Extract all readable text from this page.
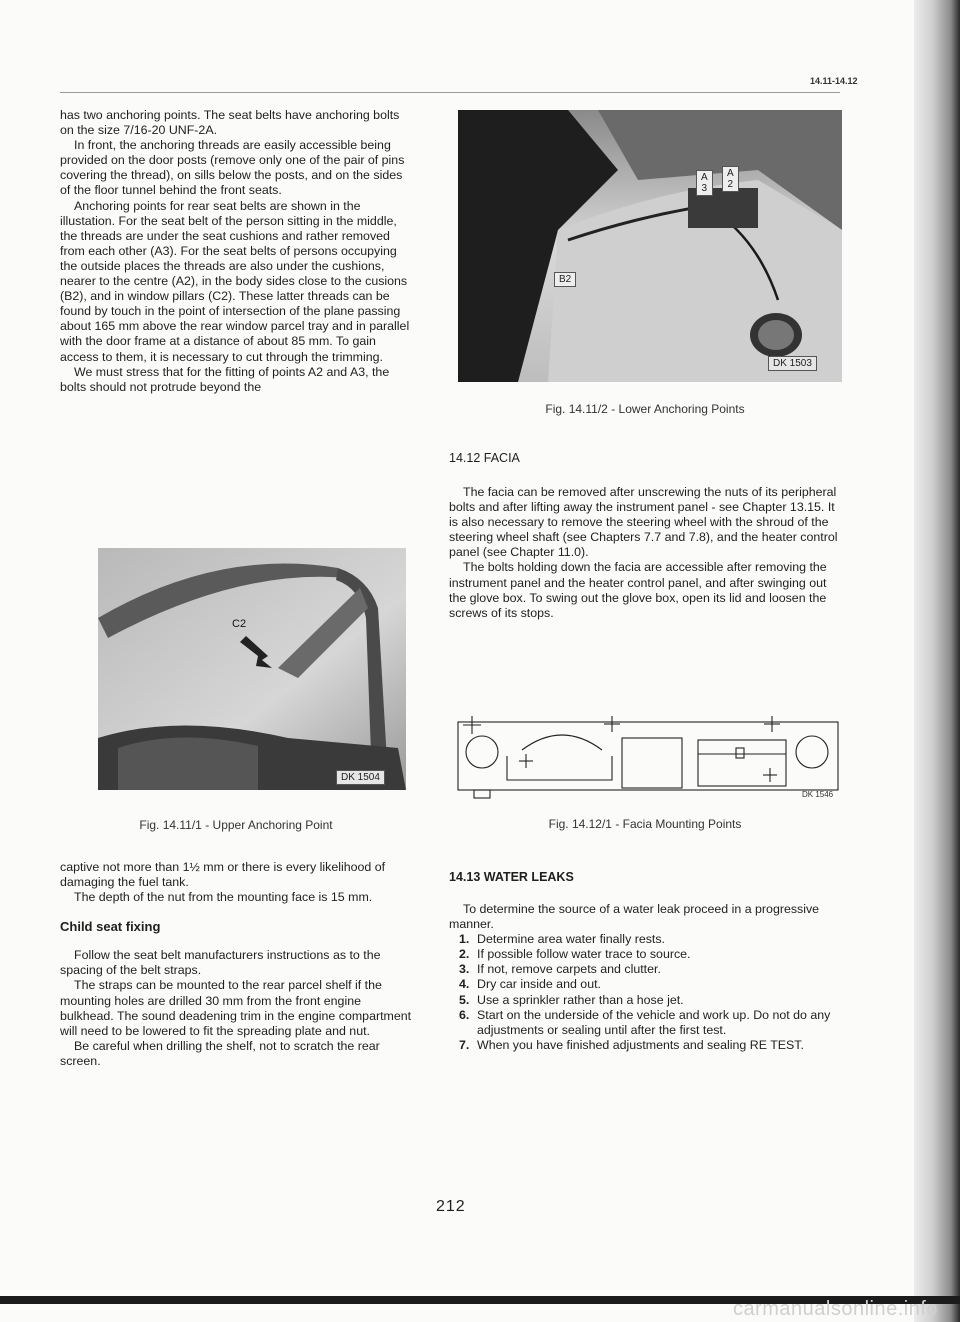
14.11-14.12

has two anchoring points. The seat belts have anchoring bolts on the size 7/16-20 UNF-2A.

In front, the anchoring threads are easily accessible being provided on the door posts (remove only one of the pair of pins covering the thread), on sills below the posts, and on the sides of the floor tunnel behind the front seats.

Anchoring points for rear seat belts are shown in the illustation. For the seat belt of the person sitting in the middle, the threads are under the seat cushions and rather removed from each other (A3). For the seat belts of persons occupying the outside places the threads are also under the cushions, nearer to the centre (A2), in the body sides close to the cusions (B2), and in window pillars (C2). These latter threads can be found by touch in the point of intersection of the plane passing about 165 mm above the rear window parcel tray and in parallel with the door frame at a distance of about 85 mm. To gain access to them, it is necessary to cut through the trimming.

We must stress that for the fitting of points A2 and A3, the bolts should not protrude beyond the

C2
DK 1504
Fig. 14.11/1 - Upper Anchoring Point

captive not more than 1½ mm or there is every likelihood of damaging the fuel tank.

The depth of the nut from the mounting face is 15 mm.

Child seat fixing

Follow the seat belt manufacturers instructions as to the spacing of the belt straps.

The straps can be mounted to the rear parcel shelf if the mounting holes are drilled 30 mm from the front engine bulkhead. The sound deadening trim in the engine compartment will need to be lowered to fit the spreading plate and nut.

Be careful when drilling the shelf, not to scratch the rear screen.

B2
A
3
A
2
DK 1503
Fig. 14.11/2 - Lower Anchoring Points

14.12 FACIA

The facia can be removed after unscrewing the nuts of its peripheral bolts and after lifting away the instrument panel - see Chapter 13.15. It is also necessary to remove the steering wheel with the shroud of the steering wheel shaft (see Chapters 7.7 and 7.8), and the heater control panel (see Chapter 11.0).

The bolts holding down the facia are accessible after removing the instrument panel and the heater control panel, and after swinging out the glove box. To swing out the glove box, open its lid and loosen the screws of its stops.

DK 1546
Fig. 14.12/1 - Facia Mounting Points

14.13 WATER LEAKS

To determine the source of a water leak proceed in a progressive manner.

1. Determine area water finally rests.
2. If possible follow water trace to source.
3. If not, remove carpets and clutter.
4. Dry car inside and out.
5. Use a sprinkler rather than a hose jet.
6. Start on the underside of the vehicle and work up. Do not do any adjustments or sealing until after the first test.
7. When you have finished adjustments and sealing RE TEST.
212
carmanualsonline.info
